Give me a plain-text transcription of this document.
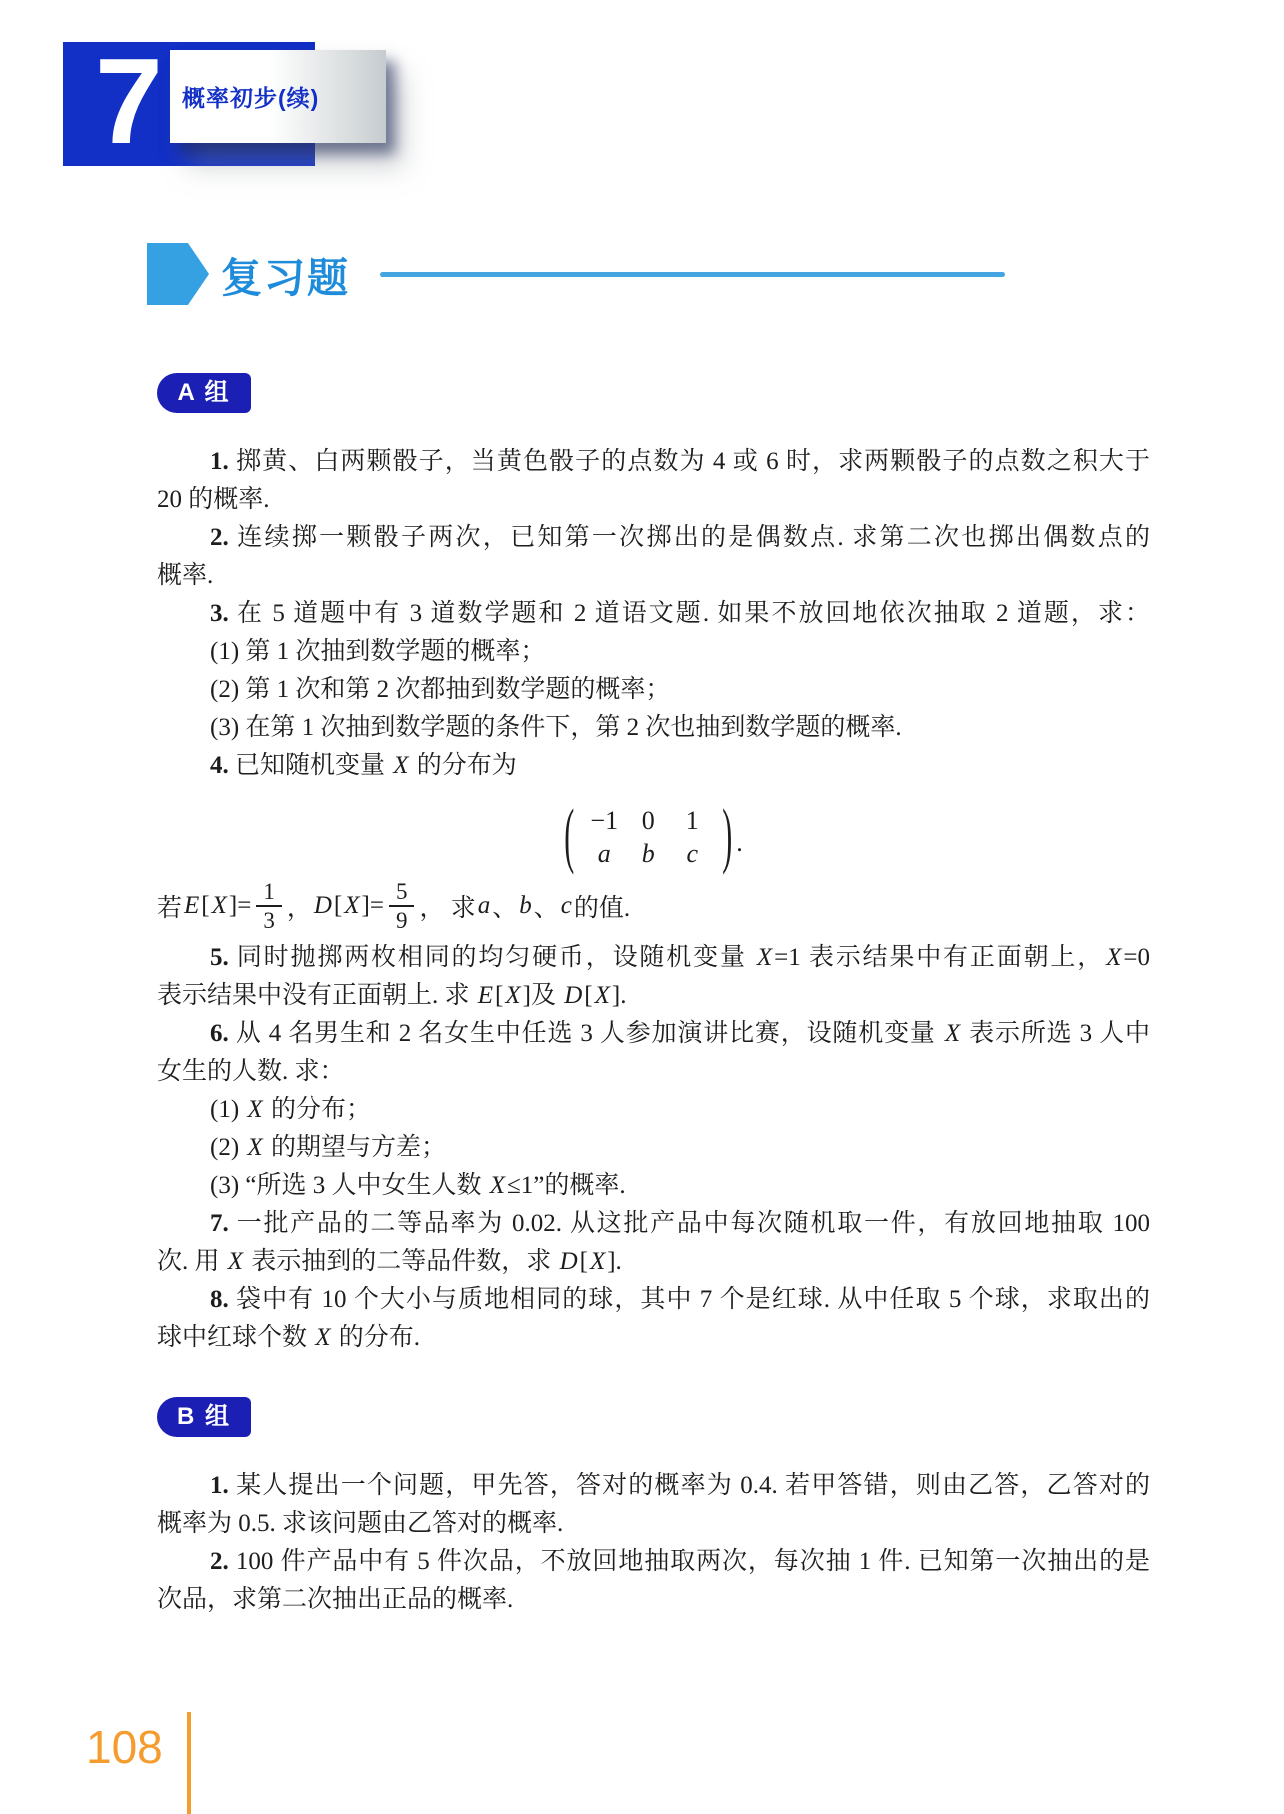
7 概率初步(续)
复习题
A 组
1. 掷黄、白两颗骰子，当黄色骰子的点数为 4 或 6 时，求两颗骰子的点数之积大于
20 的概率.
2. 连续掷一颗骰子两次，已知第一次掷出的是偶数点. 求第二次也掷出偶数点的
概率.
3. 在 5 道题中有 3 道数学题和 2 道语文题. 如果不放回地依次抽取 2 道题，求：
(1) 第 1 次抽到数学题的概率；
(2) 第 1 次和第 2 次都抽到数学题的概率；
(3) 在第 1 次抽到数学题的条件下，第 2 次也抽到数学题的概率.
4. 已知随机变量 X 的分布为
( −1 0	1
a	b	c ) .
若 E [ X ]= $\frac{1}{3}$ ， D [ X ]= $\frac{5}{9}$ ， 求 a 、 b 、 c 的值.
5. 同时抛掷两枚相同的均匀硬币，设随机变量 X=1 表示结果中有正面朝上，X=0
表示结果中没有正面朝上. 求 E[X]及 D[X].
6. 从 4 名男生和 2 名女生中任选 3 人参加演讲比赛，设随机变量 X 表示所选 3 人中
女生的人数. 求：
(1) X 的分布；
(2) X 的期望与方差；
(3) “所选 3 人中女生人数 X≤1”的概率.
7. 一批产品的二等品率为 0.02. 从这批产品中每次随机取一件，有放回地抽取 100
次. 用 X 表示抽到的二等品件数，求 D[X].
8. 袋中有 10 个大小与质地相同的球，其中 7 个是红球. 从中任取 5 个球，求取出的
球中红球个数 X 的分布.
B 组
1. 某人提出一个问题，甲先答，答对的概率为 0.4. 若甲答错，则由乙答，乙答对的
概率为 0.5. 求该问题由乙答对的概率.
2. 100 件产品中有 5 件次品，不放回地抽取两次，每次抽 1 件. 已知第一次抽出的是
次品，求第二次抽出正品的概率.
108
